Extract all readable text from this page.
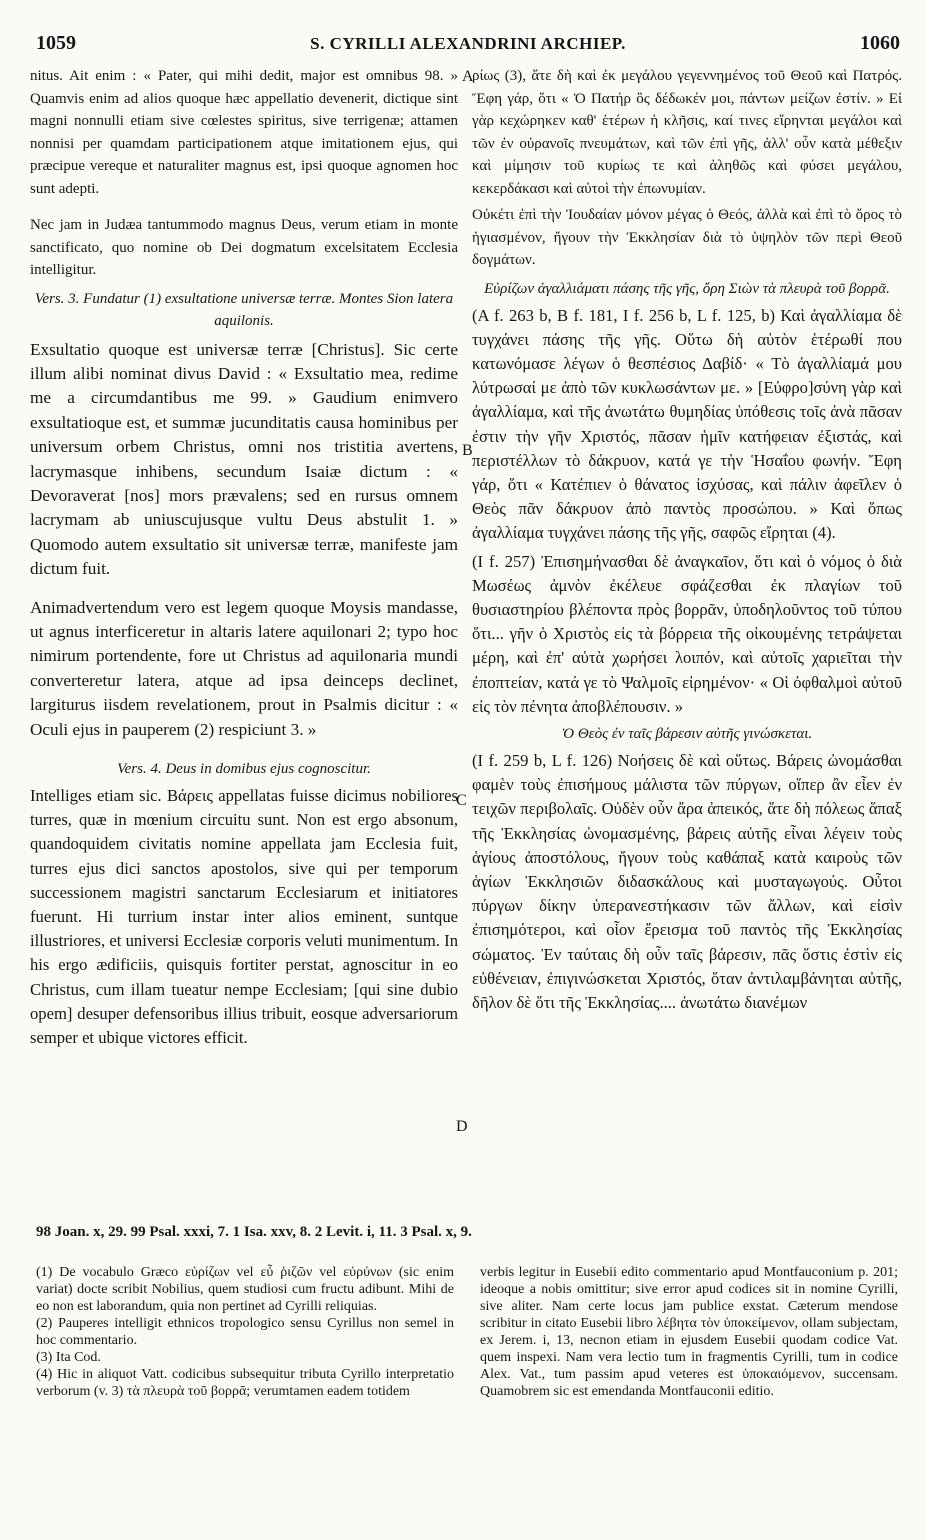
1059	S. CYRILLI ALEXANDRINI ARCHIEP.	1060

nitus. Ait enim : « Pater, qui mihi dedit, major est omnibus 98. » Quamvis enim ad alios quoque hæc appellatio devenerit, dictique sint magni nonnulli etiam sive cœlestes spiritus, sive terrigenæ; attamen nonnisi per quamdam participationem atque imitationem ejus, qui præcipue vereque et naturaliter magnus est, ipsi quoque agnomen hoc sunt adepti.

Nec jam in Judæa tantummodo magnus Deus, verum etiam in monte sanctificato, quo nomine ob Dei dogmatum excelsitatem Ecclesia intelligitur.

Vers. 3. Fundatur (1) exsultatione universæ terræ. Montes Sion latera aquilonis.

Exsultatio quoque est universæ terræ [Christus]. Sic certe illum alibi nominat divus David : « Exsultatio mea, redime me a circumdantibus me 99. » Gaudium enimvero exsultatioque est, et summæ jucunditatis causa hominibus per universum orbem Christus, omni nos tristitia avertens, lacrymasque inhibens, secundum Isaiæ dictum : « Devoraverat [nos] mors prævalens; sed en rursus omnem lacrymam ab uniuscujusque vultu Deus abstulit 1. » Quomodo autem exsultatio sit universæ terræ, manifeste jam dictum fuit.

Animadvertendum vero est legem quoque Moysis mandasse, ut agnus interficeretur in altaris latere aquilonari 2; typo hoc nimirum portendente, fore ut Christus ad aquilonaria mundi converteretur latera, atque ad ipsa deinceps declinet, largiturus iisdem revelationem, prout in Psalmis dicitur : « Oculi ejus in pauperem (2) respiciunt 3. »

Vers. 4. Deus in domibus ejus cognoscitur.

Intelliges etiam sic. Βάρεις appellatas fuisse dicimus nobiliores turres, quæ in mœnium circuitu sunt. Non est ergo absonum, quandoquidem civitatis nomine appellata jam Ecclesia fuit, turres ejus dici sanctos apostolos, sive qui per temporum successionem magistri sanctarum Ecclesiarum et initiatores fuerunt. Hi turrium instar inter alios eminent, suntque illustriores, et universi Ecclesiæ corporis veluti munimentum. In his ergo ædificiis, quisquis fortiter perstat, agnoscitur in eo Christus, cum illam tueatur nempe Ecclesiam; [qui sine dubio opem] desuper defensoribus illius tribuit, eosque adversariorum semper et ubique victores efficit.

A
B
C
D

ρίως (3), ἅτε δὴ καὶ ἐκ μεγάλου γεγεννημένος τοῦ Θεοῦ καὶ Πατρός. Ἔφη γάρ, ὅτι « Ὁ Πατήρ ὃς δέδωκέν μοι, πάντων μείζων ἐστίν. » Εἰ γὰρ κεχώρηκεν καθ' ἑτέρων ἡ κλῆσις, καί τινες εἴρηνται μεγάλοι καὶ τῶν ἐν οὐρανοῖς πνευμάτων, καὶ τῶν ἐπὶ γῆς, ἀλλ' οὖν κατὰ μέθεξιν καὶ μίμησιν τοῦ κυρίως τε καὶ ἀληθῶς καὶ φύσει μεγάλου, κεκερδάκασι καὶ αὐτοὶ τὴν ἐπωνυμίαν.

Οὐκέτι ἐπὶ τὴν Ἰουδαίαν μόνον μέγας ὁ Θεός, ἀλλὰ καὶ ἐπὶ τὸ ὄρος τὸ ἡγιασμένον, ἤγουν τὴν Ἐκκλησίαν διὰ τὸ ὑψηλὸν τῶν περὶ Θεοῦ δογμάτων.

Εὐρίζων ἀγαλλιάματι πάσης τῆς γῆς, ὄρη Σιὼν τὰ πλευρὰ τοῦ βορρᾶ.

(A f. 263 b, B f. 181, I f. 256 b, L f. 125, b) Καὶ ἀγαλλίαμα δὲ τυγχάνει πάσης τῆς γῆς. Οὕτω δὴ αὐτὸν ἑτέρωθί που κατωνόμασε λέγων ὁ θεσπέσιος Δαβίδ· « Τὸ ἀγαλλίαμά μου λύτρωσαί με ἀπὸ τῶν κυκλωσάντων με. » [Εὐφρο]σύνη γὰρ καὶ ἀγαλλίαμα, καὶ τῆς ἀνωτάτω θυμηδίας ὑπόθεσις τοῖς ἀνὰ πᾶσαν ἐστιν τὴν γῆν Χριστός, πᾶσαν ἡμῖν κατήφειαν ἐξιστάς, καὶ περιστέλλων τὸ δάκρυον, κατά γε τὴν Ἡσαΐου φωνήν. Ἔφη γάρ, ὅτι « Κατέπιεν ὁ θάνατος ἰσχύσας, καὶ πάλιν ἀφεῖλεν ὁ Θεὸς πᾶν δάκρυον ἀπὸ παντὸς προσώπου. » Καὶ ὅπως ἀγαλλίαμα τυγχάνει πάσης τῆς γῆς, σαφῶς εἴρηται (4).

(I f. 257) Ἐπισημήνασθαι δὲ ἀναγκαῖον, ὅτι καὶ ὁ νόμος ὁ διὰ Μωσέως ἀμνὸν ἐκέλευε σφάζεσθαι ἐκ πλαγίων τοῦ θυσιαστηρίου βλέποντα πρὸς βορρᾶν, ὑποδηλοῦντος τοῦ τύπου ὅτι... γῆν ὁ Χριστὸς εἰς τὰ βόρρεια τῆς οἰκουμένης τετράψεται μέρη, καὶ ἐπ' αὐτὰ χωρήσει λοιπόν, καὶ αὐτοῖς χαριεῖται τὴν ἐποπτείαν, κατά γε τὸ Ψαλμοῖς εἰρημένον· « Οἱ ὀφθαλμοὶ αὐτοῦ εἰς τὸν πένητα ἀποβλέπουσιν. »

Ὁ Θεὸς ἐν ταῖς βάρεσιν αὐτῆς γινώσκεται.

(I f. 259 b, L f. 126) Νοήσεις δὲ καὶ οὕτως. Βάρεις ὠνομάσθαι φαμὲν τοὺς ἐπισήμους μάλιστα τῶν πύργων, οἵπερ ἂν εἶεν ἐν τειχῶν περιβολαῖς. Οὐδὲν οὖν ἄρα ἀπεικός, ἅτε δὴ πόλεως ἅπαξ τῆς Ἐκκλησίας ὠνομασμένης, βάρεις αὐτῆς εἶναι λέγειν τοὺς ἁγίους ἀποστόλους, ἤγουν τοὺς καθάπαξ κατὰ καιροὺς τῶν ἁγίων Ἐκκλησιῶν διδασκάλους καὶ μυσταγωγούς. Οὗτοι πύργων δίκην ὑπερανεστήκασιν τῶν ἄλλων, καὶ εἰσὶν ἐπισημότεροι, καὶ οἷον ἔρεισμα τοῦ παντὸς τῆς Ἐκκλησίας σώματος. Ἐν ταύταις δὴ οὖν ταῖς βάρεσιν, πᾶς ὅστις ἐστὶν εἰς εὐθένειαν, ἐπιγινώσκεται Χριστός, ὅταν ἀντιλαμβάνηται αὐτῆς, δῆλον δὲ ὅτι τῆς Ἐκκλησίας.... ἀνωτάτω διανέμων

98 Joan. x, 29. 99 Psal. xxxi, 7. 1 Isa. xxv, 8. 2 Levit. i, 11. 3 Psal. x, 9.

(1) De vocabulo Græco εὐρίζων vel εὖ ῥιζῶν vel εὐρύνων (sic enim variat) docte scribit Nobilius, quem studiosi cum fructu adibunt. Mihi de eo non est laborandum, quia non pertinet ad Cyrilli reliquias.

(2) Pauperes intelligit ethnicos tropologico sensu Cyrillus non semel in hoc commentario.

(3) Ita Cod.

(4) Hic in aliquot Vatt. codicibus subsequitur tributa Cyrillo interpretatio verborum (v. 3) τὰ πλευρὰ τοῦ βορρᾶ; verumtamen eadem totidem

verbis legitur in Eusebii edito commentario apud Montfauconium p. 201; ideoque a nobis omittitur; sive error apud codices sit in nomine Cyrilli, sive aliter. Nam certe locus jam publice exstat. Cæterum mendose scribitur in citato Eusebii libro λέβητα τὸν ὑποκείμενον, ollam subjectam, ex Jerem. i, 13, necnon etiam in ejusdem Eusebii quodam codice Vat. quem inspexi. Nam vera lectio tum in fragmentis Cyrilli, tum in codice Alex. Vat., tum passim apud veteres est ὑποκαιόμενον, succensam. Quamobrem sic est emendanda Montfauconii editio.
